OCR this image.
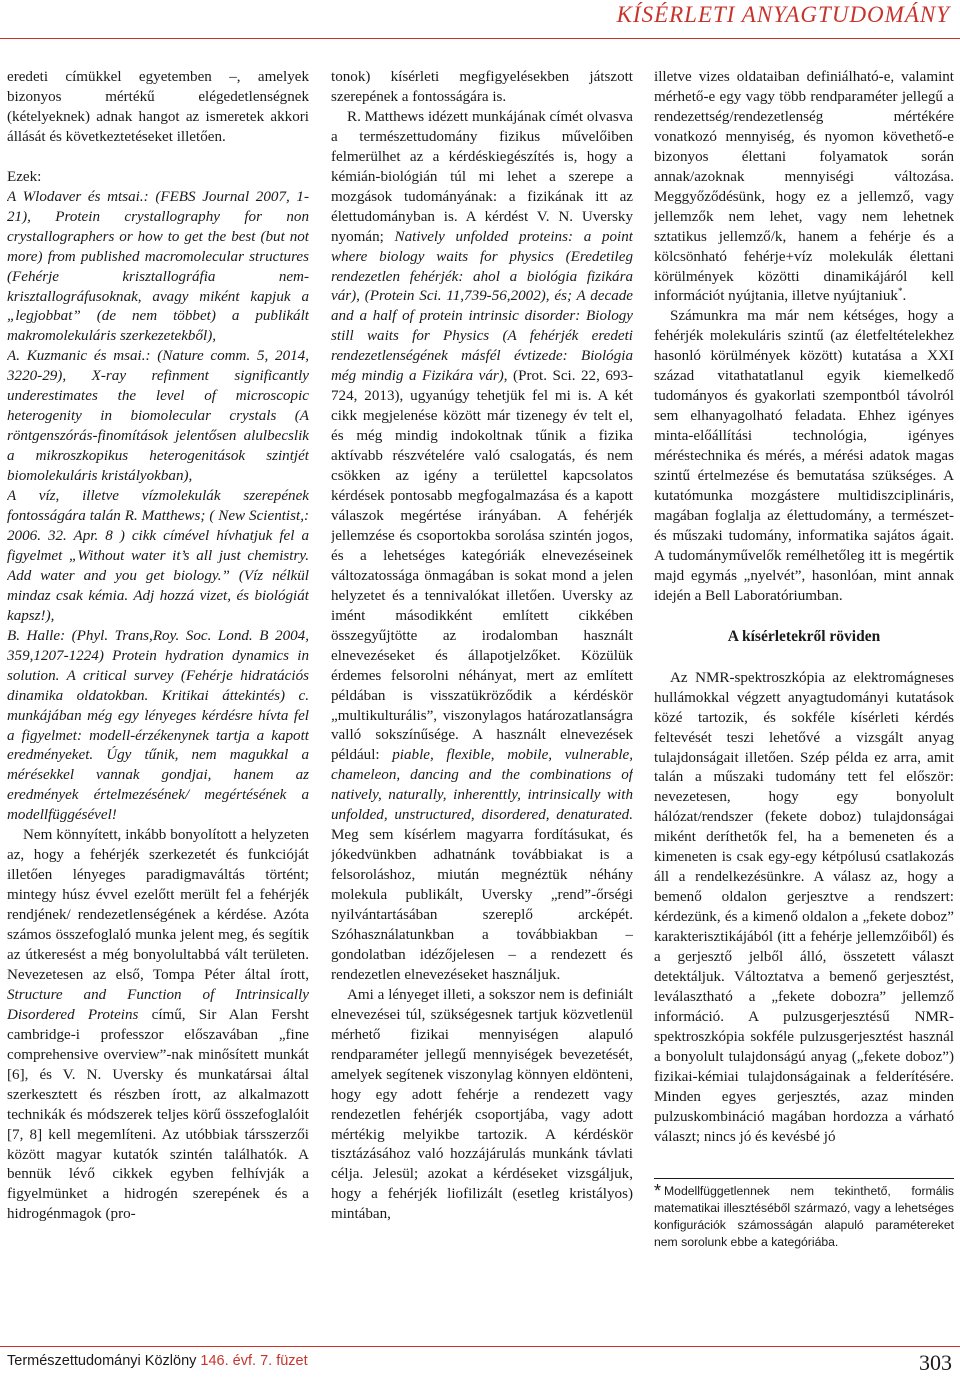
KÍSÉRLETI ANYAGTUDOMÁNY

eredeti címükkel egyetemben –, amelyek bizonyos mértékű elégedetlenségnek (kételyeknek) adnak hangot az ismeretek akkori állását és következtetéseket illetően.

Ezek:

A Wlodaver és mtsai.: (FEBS Journal 2007, 1-21), Protein crystallography for non crystallographers or how to get the best (but not more) from published macromolecular structures (Fehérje krisztallográfia nem-krisztallográfusoknak, avagy miként kapjuk a „legjobbat” (de nem többet) a publikált makromolekuláris szerkezetekből),

A. Kuzmanic és msai.: (Nature comm. 5, 2014, 3220-29), X-ray refinment significantly underestimates the level of microscopic heterogenity in biomolecular crystals (A röntgenszórás-finomítások jelentősen alulbecslik a mikroszkopikus heterogenitások szintjét biomolekuláris kristályokban),

A víz, illetve vízmolekulák szerepének fontosságára talán R. Matthews; ( New Scientist,: 2006. 32. Apr. 8 ) cikk címével hívhatjuk fel a figyelmet „Without water it’s all just chemistry. Add water and you get biology.” (Víz nélkül mindaz csak kémia. Adj hozzá vizet, és biológiát kapsz!),

B. Halle: (Phyl. Trans,Roy. Soc. Lond. B 2004, 359,1207-1224) Protein hydration dynamics in solution. A critical survey (Fehérje hidratációs dinamika oldatokban. Kritikai áttekintés) c. munkájában még egy lényeges kérdésre hívta fel a figyelmet: modell-érzékenynek tartja a kapott eredményeket. Úgy tűnik, nem magukkal a mérésekkel vannak gondjai, hanem az eredmények értelmezésének/ megértésének a modellfüggésével!

Nem könnyített, inkább bonyolított a helyzeten az, hogy a fehérjék szerkezetét és funkcióját illetően lényeges paradigmaváltás történt; mintegy húsz évvel ezelőtt merült fel a fehérjék rendjének/ rendezetlenségének a kérdése. Azóta számos összefoglaló munka jelent meg, és segítik az útkeresést a még bonyolultabbá vált területen. Nevezetesen az első, Tompa Péter által írott, Structure and Function of Intrinsically Disordered Proteins című, Sir Alan Fersht cambridge-i professzor előszavában „fine comprehensive overview”-nak minősített munkát [6], és V. N. Uversky és munkatársai által szerkesztett és részben írott, az alkalmazott technikák és módszerek teljes körű összefoglalóit [7, 8] kell megemlíteni. Az utóbbiak társszerzői között magyar kutatók szintén találhatók. A bennük lévő cikkek egyben felhívják a figyelmünket a hidrogén szerepének és a hidrogénmagok (pro-

tonok) kísérleti megfigyelésekben játszott szerepének a fontosságára is.

R. Matthews idézett munkájának címét olvasva a természettudomány fizikus művelőiben felmerülhet az a kérdéskiegészítés is, hogy a kémián-biológián túl mi lehet a szerepe a mozgások tudományának: a fizikának itt az élettudományban is. A kérdést V. N. Uversky nyomán; Natively unfolded proteins: a point where biology waits for physics (Eredetileg rendezetlen fehérjék: ahol a biológia fizikára vár), (Protein Sci. 11,739-56,2002), és; A decade and a half of protein intrinsic disorder: Biology still waits for Physics (A fehérjék eredeti rendezetlenségének másfél évtizede: Biológia még mindig a Fizikára vár), (Prot. Sci. 22, 693-724, 2013), ugyanúgy tehetjük fel mi is. A két cikk megjelenése között már tizenegy év telt el, és még mindig indokoltnak tűnik a fizika aktívabb részvételére való csalogatás, és nem csökken az igény a területtel kapcsolatos kérdések pontosabb megfogalmazása és a kapott válaszok megértése irányában. A fehérjék jellemzése és csoportokba sorolása szintén jogos, és a lehetséges kategóriák elnevezéseinek változatossága önmagában is sokat mond a jelen helyzetet és a tennivalókat illetően. Uversky az imént másodikként említett cikkében összegyűjtötte az irodalomban használt elnevezéseket és állapotjelzőket. Közülük érdemes felsorolni néhányat, mert az említett példában is visszatükröződik a kérdéskör „multikulturális”, viszonylagos határozatlanságra valló sokszínűsége. A használt elnevezések például: piable, flexible, mobile, vulnerable, chameleon, dancing and the combinations of natively, naturally, inherenttly, intrinsically with unfolded, unstructured, disordered, denaturated. Meg sem kísérlem magyarra fordításukat, és jókedvünkben adhatnánk továbbiakat is a felsoroláshoz, miután megnéztük néhány molekula publikált, Uversky „rend”-őrségi nyilvántartásában szereplő arcképét. Szóhasználatunkban a továbbiakban – gondolatban idézőjelesen – a rendezett és rendezetlen elnevezéseket használjuk.

Ami a lényeget illeti, a sokszor nem is definiált elnevezései túl, szükségesnek tartjuk közvetlenül mérhető fizikai mennyiségen alapuló rendparaméter jellegű mennyiségek bevezetését, amelyek segítenek viszonylag könnyen eldönteni, hogy egy adott fehérje a rendezett vagy rendezetlen fehérjék csoportjába, vagy adott mértékig melyikbe tartozik. A kérdéskör tisztázásához való hozzájárulás munkánk távlati célja. Jelesül; azokat a kérdéseket vizsgáljuk, hogy a fehérjék liofilizált (esetleg kristályos) mintában,

illetve vizes oldataiban definiálható-e, valamint mérhető-e egy vagy több rendparaméter jellegű a rendezettség/rendezetlenség mértékére vonatkozó mennyiség, és nyomon követhető-e bizonyos élettani folyamatok során annak/azoknak mennyiségi változása. Meggyőződésünk, hogy ez a jellemző, vagy jellemzők nem lehet, vagy nem lehetnek sztatikus jellemző/k, hanem a fehérje és a kölcsönható fehérje+víz molekulák élettani körülmények közötti dinamikájáról kell információt nyújtania, illetve nyújtaniuk*.

Számunkra ma már nem kétséges, hogy a fehérjék molekuláris szintű (az életfeltételekhez hasonló körülmények között) kutatása a XXI század vitathatatlanul egyik kiemelkedő tudományos és gyakorlati szempontból távolról sem elhanyagolható feladata. Ehhez igényes minta-előállítási technológia, igényes méréstechnika és mérés, a mérési adatok magas szintű értelmezése és bemutatása szükséges. A kutatómunka mozgástere multidiszciplináris, magában foglalja az élettudomány, a természet- és műszaki tudomány, informatika sajátos ágait. A tudományművelők remélhetőleg itt is megértik majd egymás „nyelvét”, hasonlóan, mint annak idején a Bell Laboratóriumban.

A kísérletekről röviden

Az NMR-spektroszkópia az elektromágneses hullámokkal végzett anyagtudományi kutatások közé tartozik, és sokféle kísérleti kérdés feltevését teszi lehetővé a vizsgált anyag tulajdonságait illetően. Szép példa ez arra, amit talán a műszaki tudomány tett fel először: nevezetesen, hogy egy bonyolult hálózat/rendszer (fekete doboz) tulajdonságai miként deríthetők fel, ha a bemeneten és a kimeneten is csak egy-egy kétpólusú csatlakozás áll a rendelkezésünkre. A válasz az, hogy a bemenő oldalon gerjesztve a rendszert: kérdezünk, és a kimenő oldalon a „fekete doboz” karakterisztikájából (itt a fehérje jellemzőiből) és a gerjesztő jelből álló, összetett választ detektáljuk. Változtatva a bemenő gerjesztést, leválasztható a „fekete dobozra” jellemző információ. A pulzusgerjesztésű NMR-spektroszkópia sokféle pulzusgerjesztést használ a bonyolult tulajdonságú anyag („fekete doboz”) fizikai-kémiai tulajdonságainak a felderítésére. Minden egyes gerjesztés, azaz minden pulzuskombináció magában hordozza a várható választ; nincs jó és kevésbé jó

* Modellfüggetlennek nem tekinthető, formális matematikai illesztéséből származó, vagy a lehetséges konfigurációk számosságán alapuló paramétereket nem sorolunk ebbe a kategóriába.
Természettudományi Közlöny 146. évf. 7. füzet	303
